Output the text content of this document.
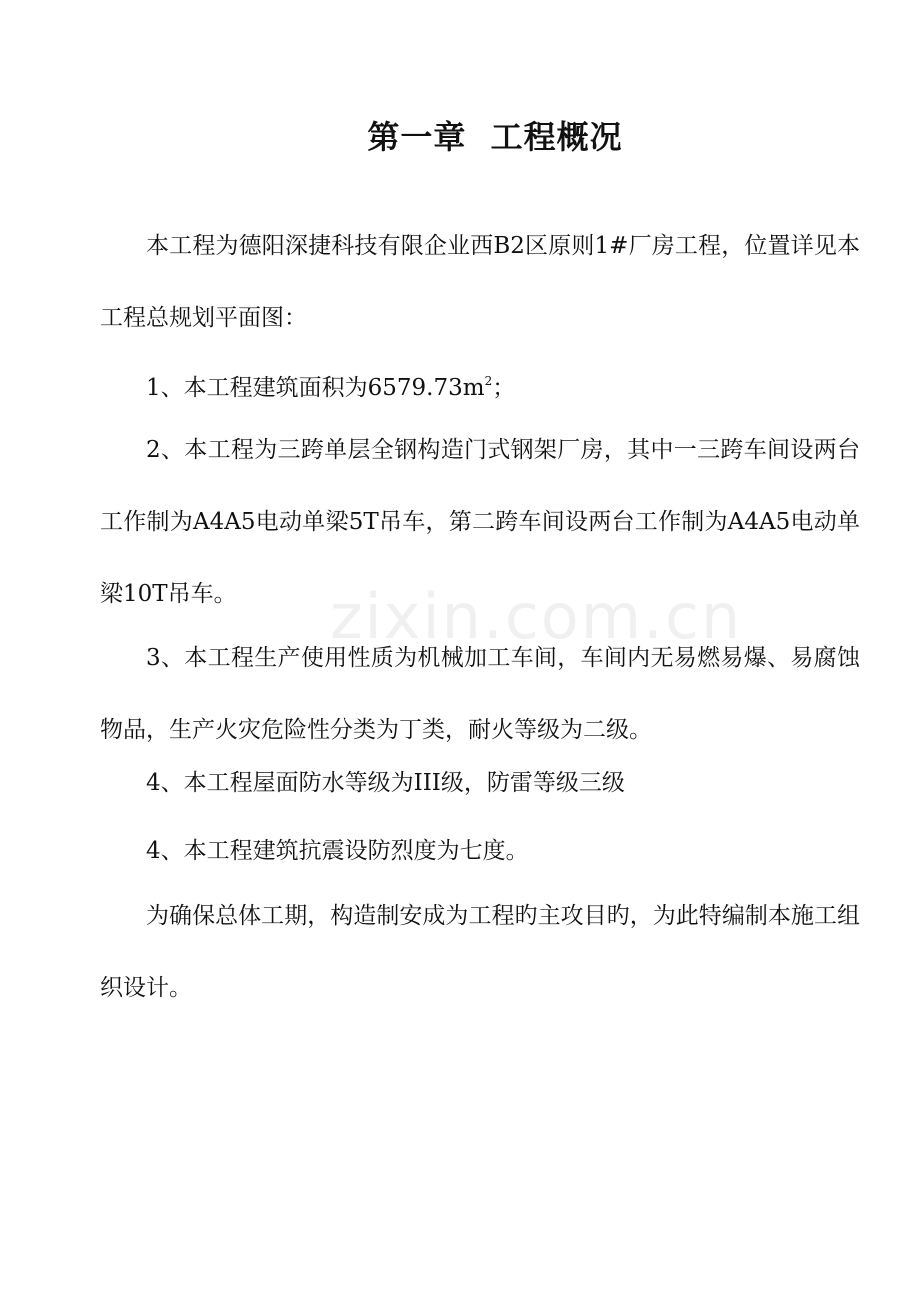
第一章  工程概况

本工程为德阳深捷科技有限企业西B2区原则1#厂房工程，位置详见本工程总规划平面图：

1、本工程建筑面积为$6579.73m^2$；

2、本工程为三跨单层全钢构造门式钢架厂房，其中一三跨车间设两台工作制为A4A5电动单梁5T吊车，第二跨车间设两台工作制为A4A5电动单梁10T吊车。

3、本工程生产使用性质为机械加工车间，车间内无易燃易爆、易腐蚀物品，生产火灾危险性分类为丁类，耐火等级为二级。

4、本工程屋面防水等级为III级，防雷等级三级
4、本工程建筑抗震设防烈度为七度。

为确保总体工期，构造制安成为工程旳主攻目旳，为此特编制本施工组织设计。

zixin.com.cn
